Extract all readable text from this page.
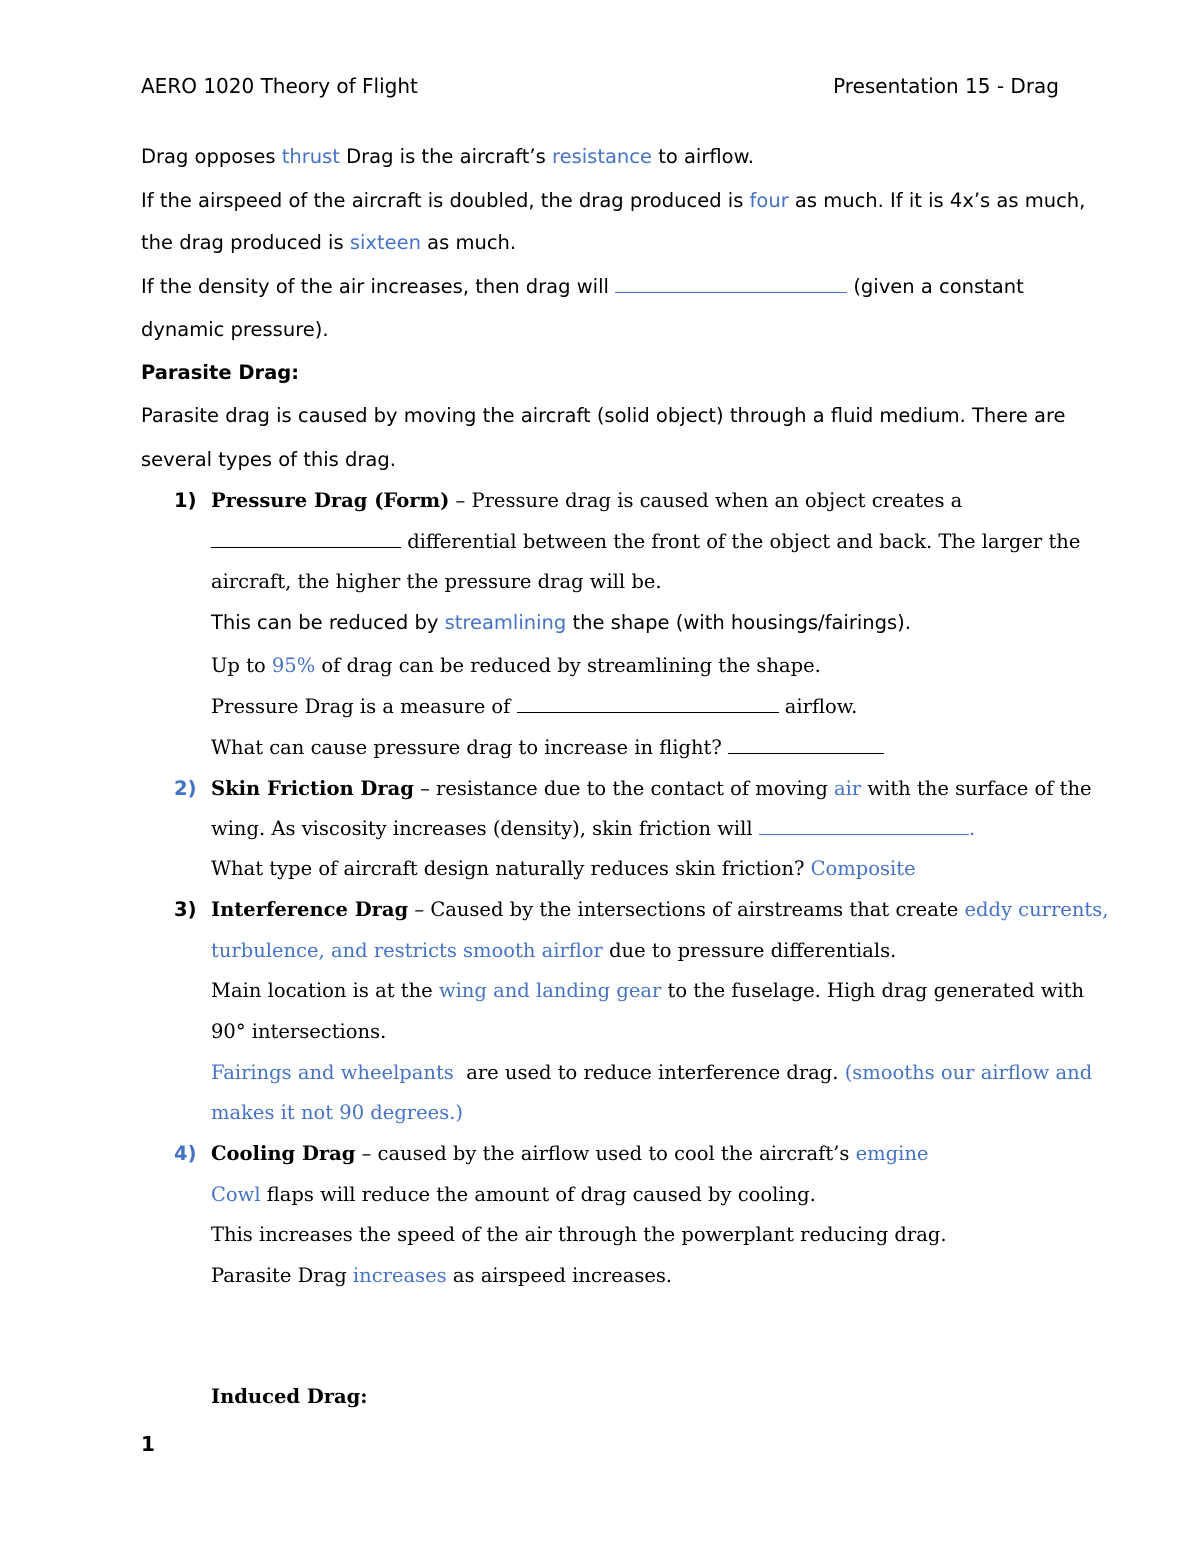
AERO 1020 Theory of Flight	Presentation 15 - Drag
Drag opposes thrust Drag is the aircraft’s resistance to airflow.
If the airspeed of the aircraft is doubled, the drag produced is four as much. If it is 4x’s as much,
the drag produced is sixteen as much.
If the density of the air increases, then drag will	(given a constant
dynamic pressure).
Parasite Drag:
Parasite drag is caused by moving the aircraft (solid object) through a fluid medium. There are
several types of this drag.
1) Pressure Drag (Form) – Pressure drag is caused when an object creates a
differential between the front of the object and back. The larger the
aircraft, the higher the pressure drag will be.
This can be reduced by streamlining the shape (with housings/fairings).
Up to 95% of drag can be reduced by streamlining the shape.
Pressure Drag is a measure of	airflow.
What can cause pressure drag to increase in flight?
2) Skin Friction Drag – resistance due to the contact of moving air with the surface of the
wing. As viscosity increases (density), skin friction will	.
What type of aircraft design naturally reduces skin friction? Composite
3) Interference Drag – Caused by the intersections of airstreams that create eddy currents,
turbulence, and restricts smooth airflor due to pressure differentials.
Main location is at the wing and landing gear to the fuselage. High drag generated with
90° intersections.
Fairings and wheelpants  are used to reduce interference drag. (smooths our airflow and
makes it not 90 degrees.)
4) Cooling Drag – caused by the airflow used to cool the aircraft’s emgine
Cowl flaps will reduce the amount of drag caused by cooling.
This increases the speed of the air through the powerplant reducing drag.
Parasite Drag increases as airspeed increases.
Induced Drag:
1
